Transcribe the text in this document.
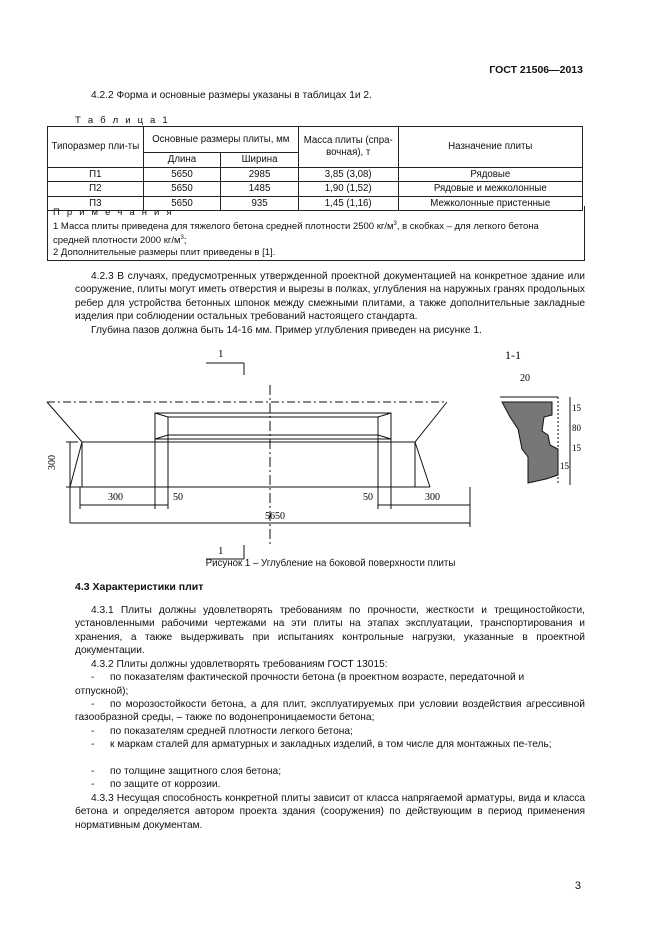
ГОСТ 21506—2013
4.2.2 Форма и основные размеры указаны в таблицах 1и 2.
Т а б л и ц а 1
Типоразмер пли-ты	Основные размеры плиты, мм		Масса плиты (спра-вочная), т	Назначение плиты
	Длина	Ширина		
П1	5650	2985	3,85 (3,08)	Рядовые
П2	5650	1485	1,90 (1,52)	Рядовые и межколонные
П3	5650	935	1,45 (1,16)	Межколонные пристенные
П р и м е ч а н и я
1 Масса плиты приведена для тяжелого бетона средней плотности 2500 $кг/м^3$, в скобках – для легкого бетона
средней плотности 2000 $кг/м^3$;
2 Дополнительные размеры плит приведены в [1].
4.2.3 В случаях, предусмотренных утвержденной проектной документацией на конкретное здание или сооружение, плиты могут иметь отверстия и вырезы в полках, углубления на наружных гранях продольных ребер для устройства бетонных шпонок между смежными плитами, а также дополнительные закладные изделия при соблюдении остальных требований настоящего стандарта.
Глубина пазов должна быть 14-16 мм. Пример углубления приведен на рисунке 1.
1
1
300
300	50	50	300
5650
1-1
20
15
80
15
15
Рисунок 1 – Углубление на боковой поверхности плиты
4.3 Характеристики плит
4.3.1 Плиты должны удовлетворять требованиям по прочности, жесткости и трещиностойкости, установленными рабочими чертежами на эти плиты на этапах эксплуатации, транспортирования и хранения, а также выдерживать при испытаниях контрольные нагрузки, указанные в проектной документации.
4.3.2 Плиты должны удовлетворять требованиям ГОСТ 13015:
- по показателям фактической прочности бетона (в проектном возрасте, передаточной и
отпускной);
-	по морозостойкости бетона, а для плит, эксплуатируемых при условии воздействия агрессивной газообразной среды, – также по водонепроницаемости бетона;
- по показателям средней плотности легкого бетона;
-	к маркам сталей для арматурных и закладных изделий, в том числе для монтажных пе-тель;
- по толщине защитного слоя бетона;
- по защите от коррозии.
4.3.3 Несущая способность конкретной плиты зависит от класса напрягаемой арматуры, вида и класса бетона и определяется автором проекта здания (сооружения) по действующим в период применения нормативным документам.
3
